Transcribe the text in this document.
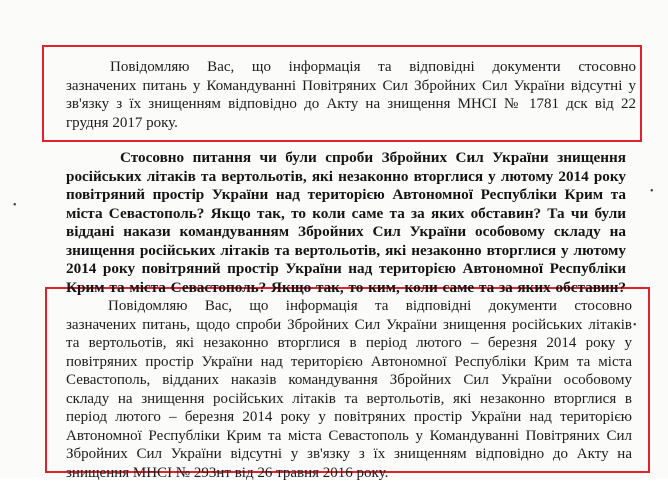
•
•
•
Повідомляю Вас, що інформація та відповідні документи стосовно
зазначених питань у Командуванні Повітряних Сил Збройних Сил України відсутні у
зв'язку з їх знищенням відповідно до Акту на знищення МНСІ № 1781 дск від 22
грудня 2017 року.
Стосовно питання чи були спроби Збройних Сил України знищення
російських літаків та вертольотів, які незаконно вторглися у лютому 2014 року
повітряний простір України над територією Автономної Республіки Крим та
міста Севастополь? Якщо так, то коли саме та за яких обставин? Та чи були
віддані накази командуванням Збройних Сил України особовому складу на
знищення російських літаків та вертольотів, які незаконно вторглися у лютому
2014 року повітряний простір України над територією Автономної Республіки
Крим та міста Севастополь? Якщо так, то ким, коли саме та за яких обставин?
Повідомляю Вас, що інформація та відповідні документи стосовно
зазначених питань, щодо спроби Збройних Сил України знищення російських літаків
та вертольотів, які незаконно вторглися в період лютого – березня 2014 року у
повітряних простір України над територією Автономної Республіки Крим та міста
Севастополь, відданих наказів командування Збройних Сил України особовому
складу на знищення російських літаків та вертольотів, які незаконно вторглися в
період лютого – березня 2014 року у повітряних простір України над територією
Автономної Республіки Крим та міста Севастополь у Командуванні Повітряних Сил
Збройних Сил України відсутні у зв'язку з їх знищенням відповідно до Акту на
знищення МНСІ № 293нт від 26 травня 2016 року.
